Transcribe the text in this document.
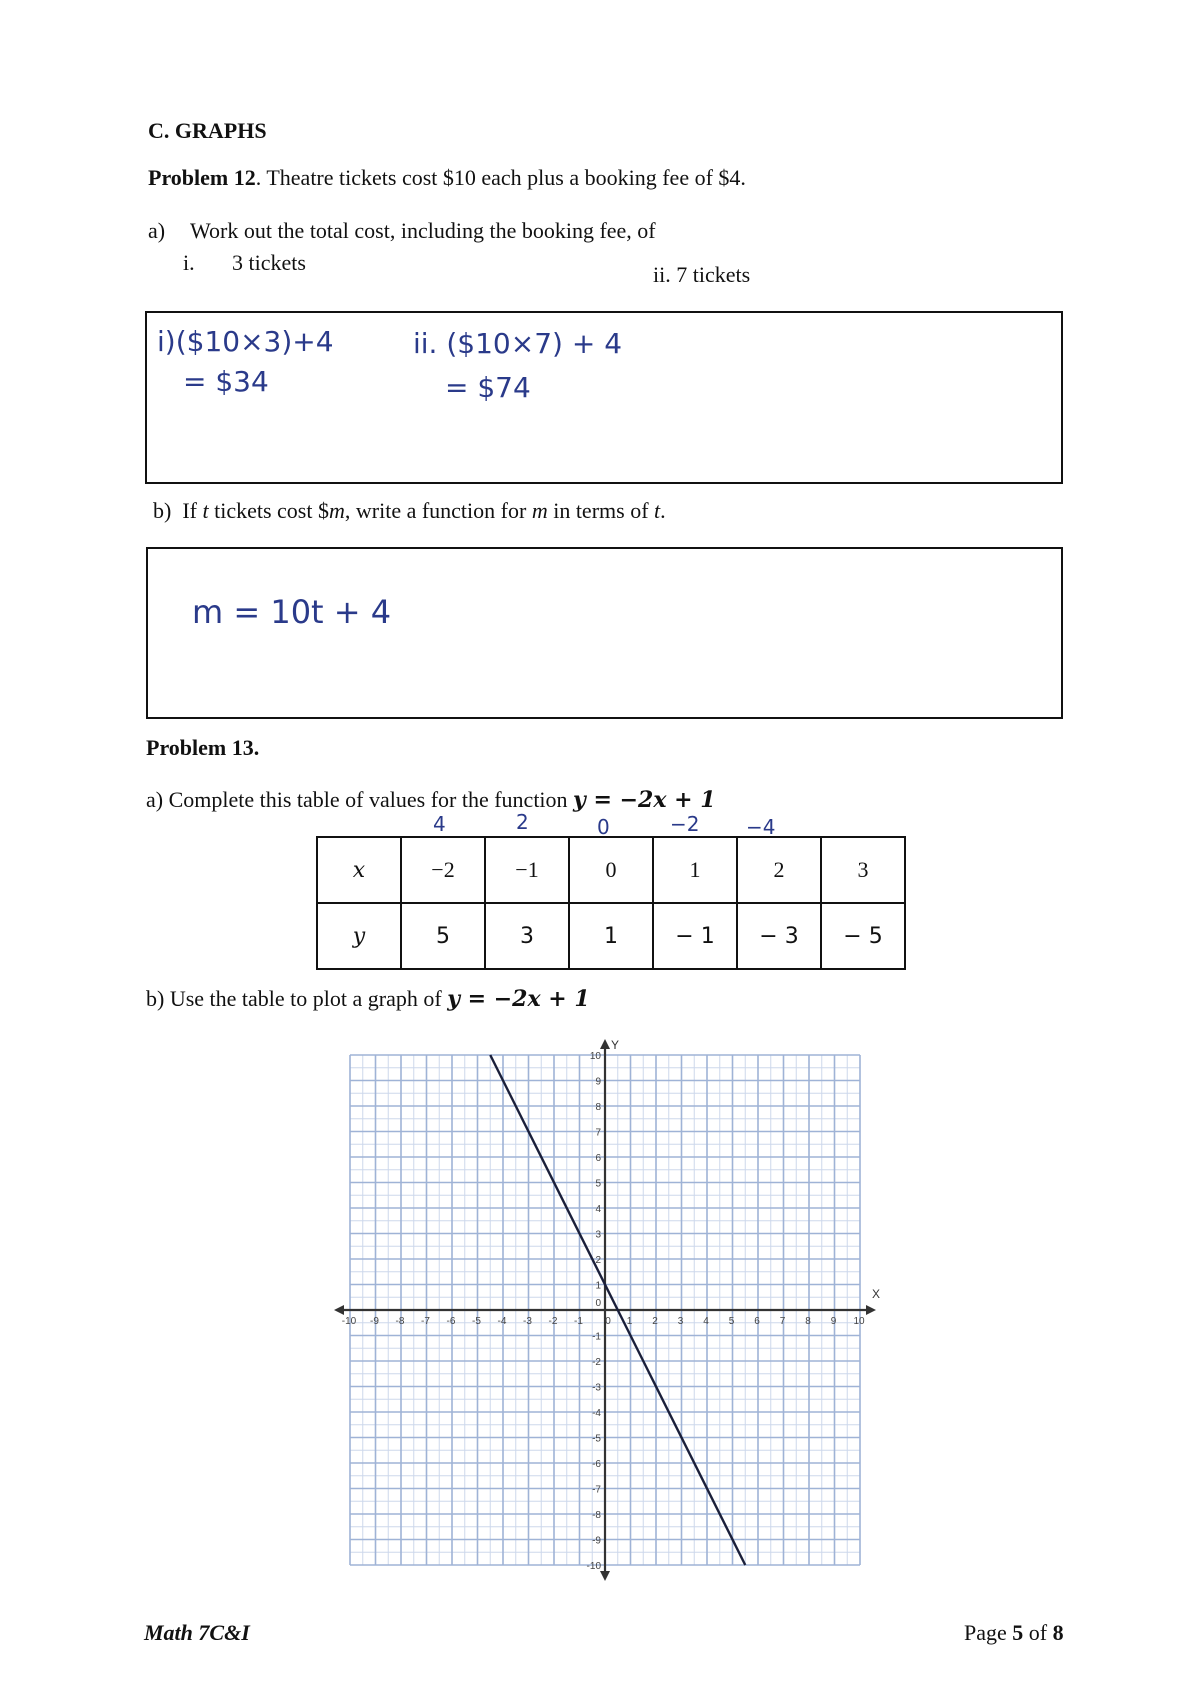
C. GRAPHS
Problem 12. Theatre tickets cost $10 each plus a booking fee of $4.
a) Work out the total cost, including the booking fee, of
i. 3 tickets	ii. 7 tickets
i)($10×3)+4
= $34
ii. ($10×7) + 4
= $74
b) If t tickets cost $m, write a function for m in terms of t.
m = 10t + 4
Problem 13.
a) Complete this table of values for the function y = −2x + 1
4	2	0	−2 −4
x	−2	−1	0	1	2	3
y	5	3	1	− 1	− 3	− 5
b) Use the table to plot a graph of y = −2x + 1
X
Y
-10 -9 -8 -7 -6 -5 -4 -3 -2 -1 0 1 2 3 4 5 6 7 8 9 10
-10
-9
-8
-7
-6
-5
-4
-3
-2
-1
1
2
3
4
5
6
7
8
9
10
0
Math 7C&I	Page 5 of 8
